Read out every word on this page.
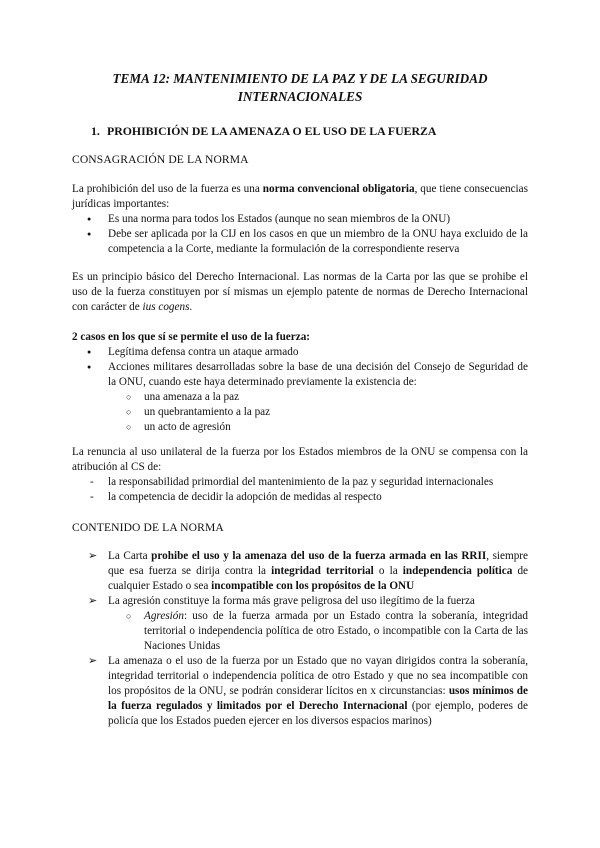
TEMA 12: MANTENIMIENTO DE LA PAZ Y DE LA SEGURIDAD INTERNACIONALES
1. PROHIBICIÓN DE LA AMENAZA O EL USO DE LA FUERZA
CONSAGRACIÓN DE LA NORMA

La prohibición del uso de la fuerza es una norma convencional obligatoria, que tiene consecuencias jurídicas importantes:

● Es una norma para todos los Estados (aunque no sean miembros de la ONU)
● Debe ser aplicada por la CIJ en los casos en que un miembro de la ONU haya excluido de la competencia a la Corte, mediante la formulación de la correspondiente reserva

Es un principio básico del Derecho Internacional. Las normas de la Carta por las que se prohibe el uso de la fuerza constituyen por sí mismas un ejemplo patente de normas de Derecho Internacional con carácter de ius cogens.

2 casos en los que sí se permite el uso de la fuerza:
● Legítima defensa contra un ataque armado
● Acciones militares desarrolladas sobre la base de una decisión del Consejo de Seguridad de la ONU, cuando este haya determinado previamente la existencia de:
○ una amenaza a la paz
○ un quebrantamiento a la paz
○ un acto de agresión

La renuncia al uso unilateral de la fuerza por los Estados miembros de la ONU se compensa con la atribución al CS de:

- la responsabilidad primordial del mantenimiento de la paz y seguridad internacionales
- la competencia de decidir la adopción de medidas al respecto
CONTENIDO DE LA NORMA
➢ La Carta prohibe el uso y la amenaza del uso de la fuerza armada en las RRII, siempre que esa fuerza se dirija contra la integridad territorial o la independencia política de cualquier Estado o sea incompatible con los propósitos de la ONU
➢ La agresión constituye la forma más grave peligrosa del uso ilegítimo de la fuerza
○ Agresión: uso de la fuerza armada por un Estado contra la soberanía, integridad territorial o independencia política de otro Estado, o incompatible con la Carta de las Naciones Unidas
➢ La amenaza o el uso de la fuerza por un Estado que no vayan dirigidos contra la soberanía, integridad territorial o independencia política de otro Estado y que no sea incompatible con los propósitos de la ONU, se podrán considerar lícitos en x circunstancias: usos mínimos de la fuerza regulados y limitados por el Derecho Internacional (por ejemplo, poderes de policía que los Estados pueden ejercer en los diversos espacios marinos)
